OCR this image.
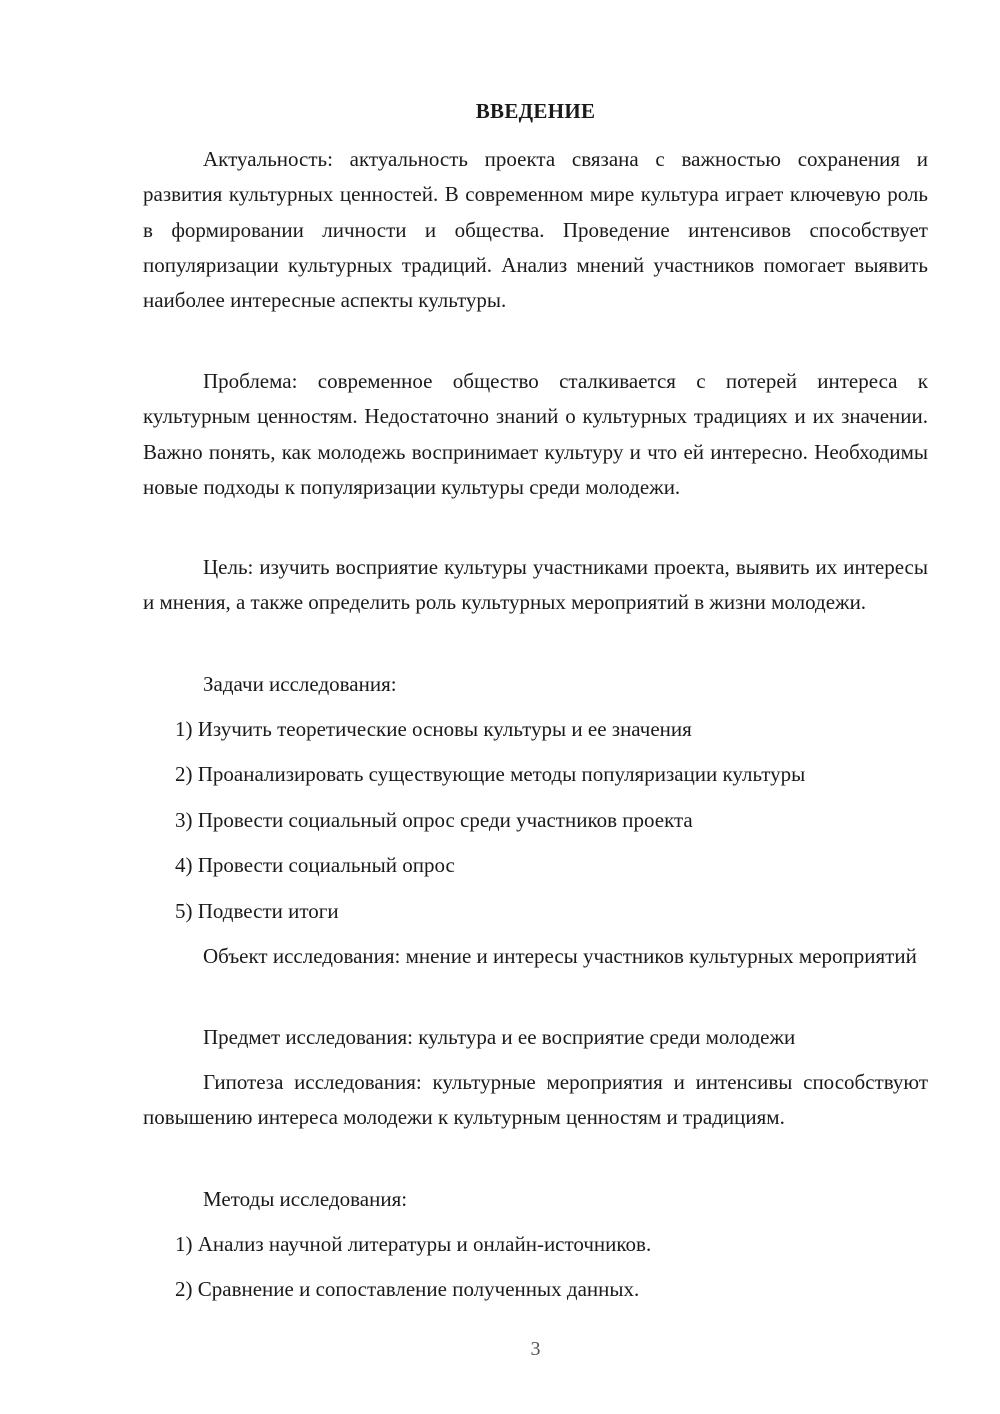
ВВЕДЕНИЕ

Актуальность: актуальность проекта связана с важностью сохранения и развития культурных ценностей. В современном мире культура играет ключевую роль в формировании личности и общества. Проведение интенсивов способствует популяризации культурных традиций. Анализ мнений участников помогает выявить наиболее интересные аспекты культуры.

Проблема: современное общество сталкивается с потерей интереса к культурным ценностям. Недостаточно знаний о культурных традициях и их значении. Важно понять, как молодежь воспринимает культуру и что ей интересно. Необходимы новые подходы к популяризации культуры среди молодежи.

Цель: изучить восприятие культуры участниками проекта, выявить их интересы и мнения, а также определить роль культурных мероприятий в жизни молодежи.

Задачи исследования:

1) Изучить теоретические основы культуры и ее значения
2) Проанализировать существующие методы популяризации культуры
3) Провести социальный опрос среди участников проекта
4) Провести социальный опрос
5) Подвести итоги

Объект исследования: мнение и интересы участников культурных мероприятий

Предмет исследования: культура и ее восприятие среди молодежи

Гипотеза исследования: культурные мероприятия и интенсивы способствуют повышению интереса молодежи к культурным ценностям и традициям.

Методы исследования:

1) Анализ научной литературы и онлайн-источников.
2) Сравнение и сопоставление полученных данных.
3
